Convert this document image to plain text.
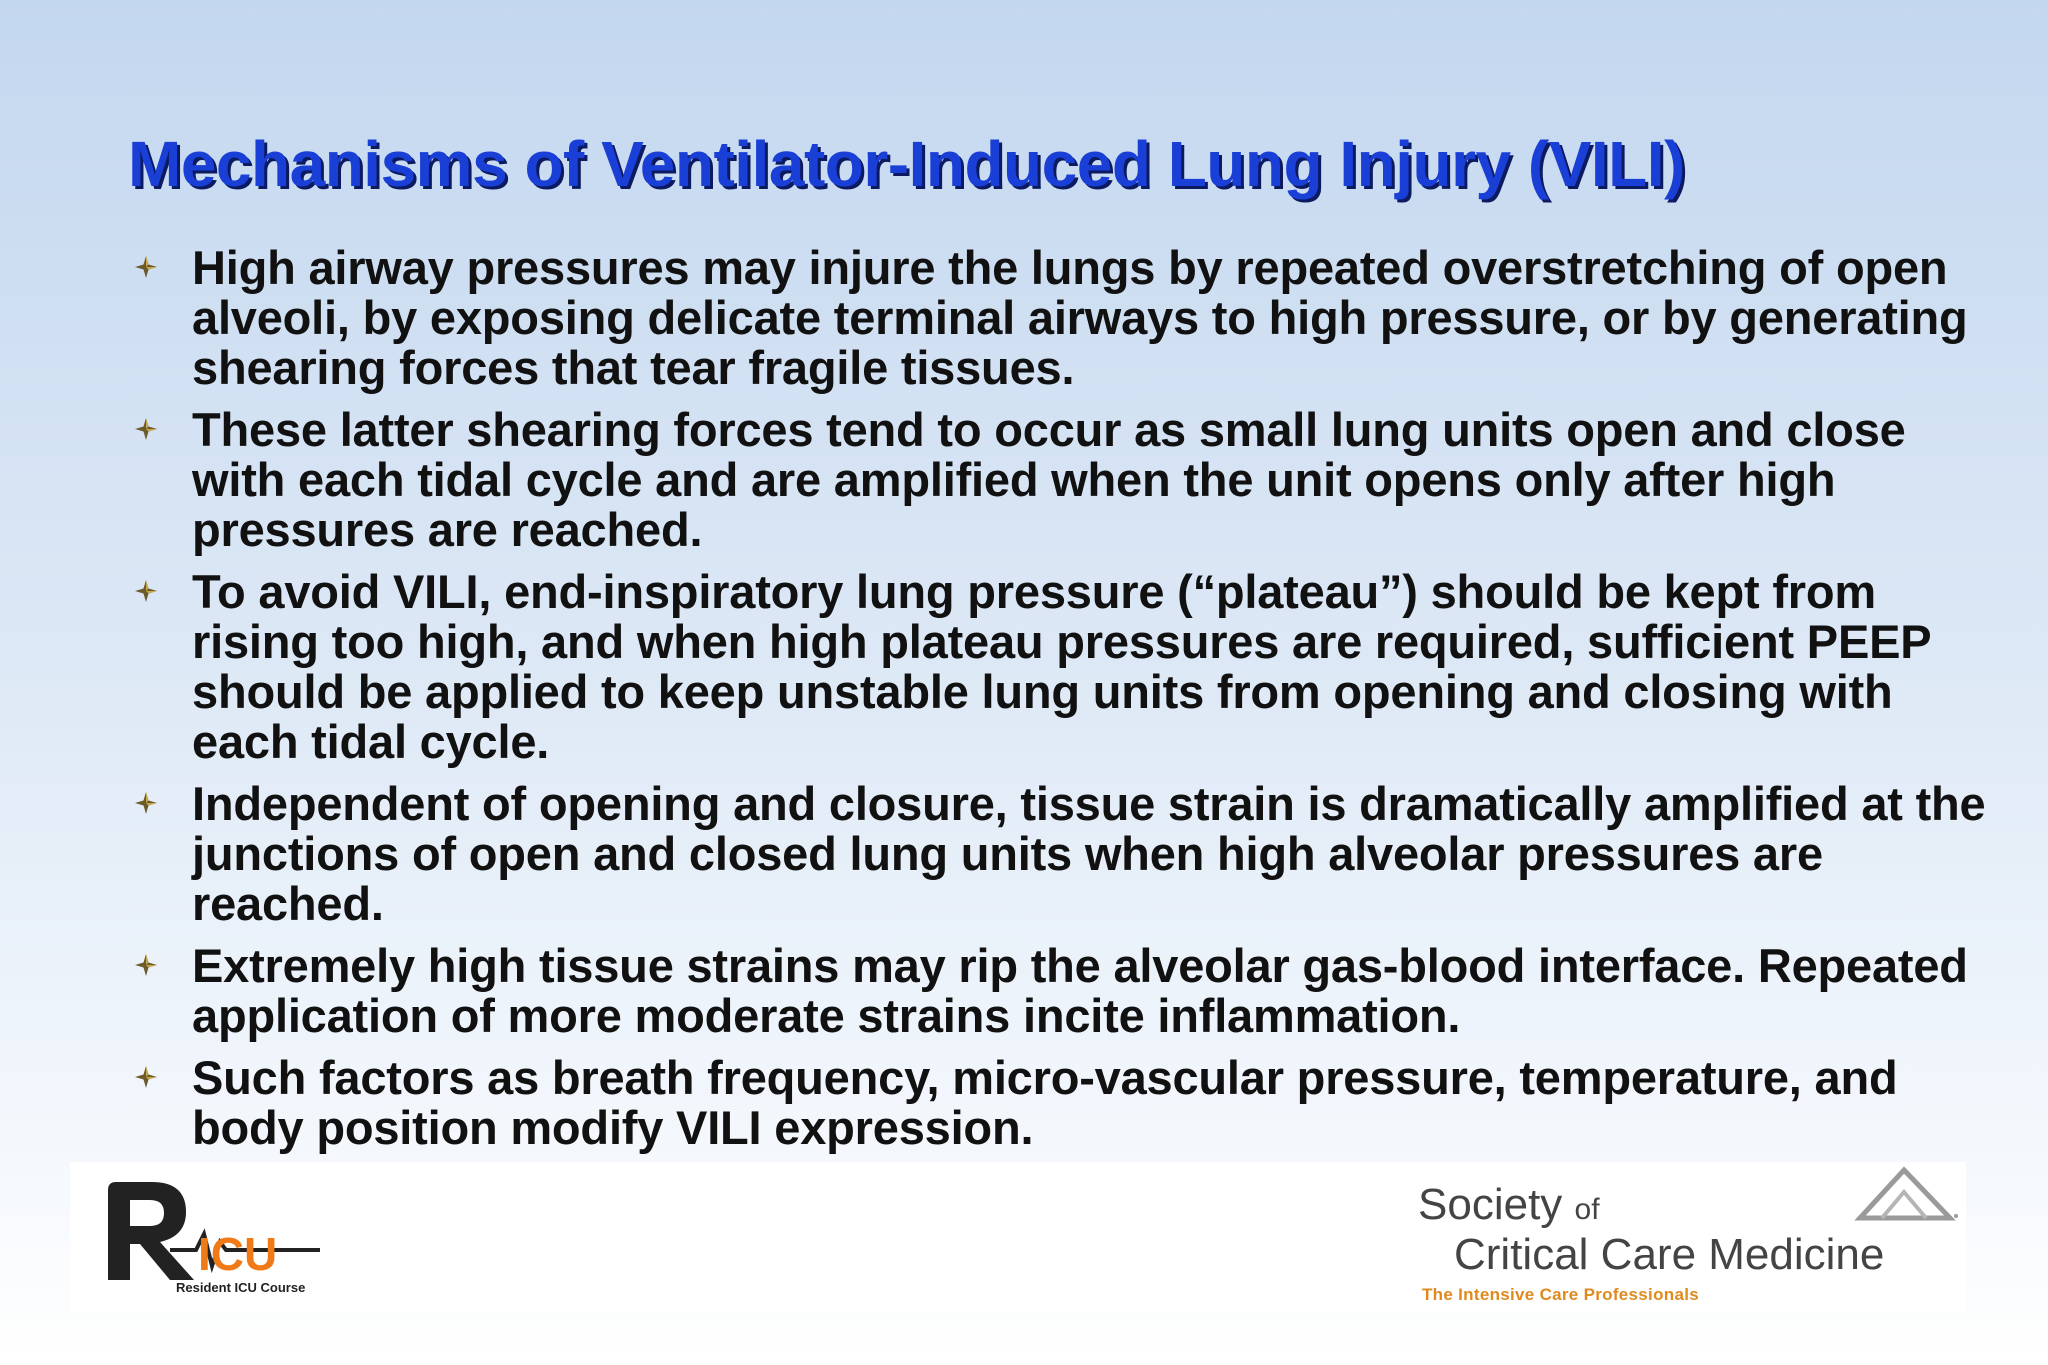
Mechanisms of Ventilator-Induced Lung Injury (VILI)
High airway pressures may injure the lungs by repeated overstretching of open alveoli, by exposing delicate terminal airways to high pressure, or by generating shearing forces that tear fragile tissues.
These latter shearing forces tend to occur as small lung units open and close with each tidal cycle and are amplified when the unit opens only after high pressures are reached.
To avoid VILI, end-inspiratory lung pressure (“plateau”) should be kept from rising too high, and when high plateau pressures are required, sufficient PEEP should be applied to keep unstable lung units from opening and closing with each tidal cycle.
Independent of opening and closure, tissue strain is dramatically amplified at the junctions of open and closed lung units when high alveolar pressures are reached.
Extremely high tissue strains may rip the alveolar gas-blood interface. Repeated application of more moderate strains incite inflammation.
Such factors as breath frequency, micro-vascular pressure, temperature, and body position modify VILI expression.
ICU
Resident ICU Course
Society of
Critical Care Medicine
The Intensive Care Professionals
